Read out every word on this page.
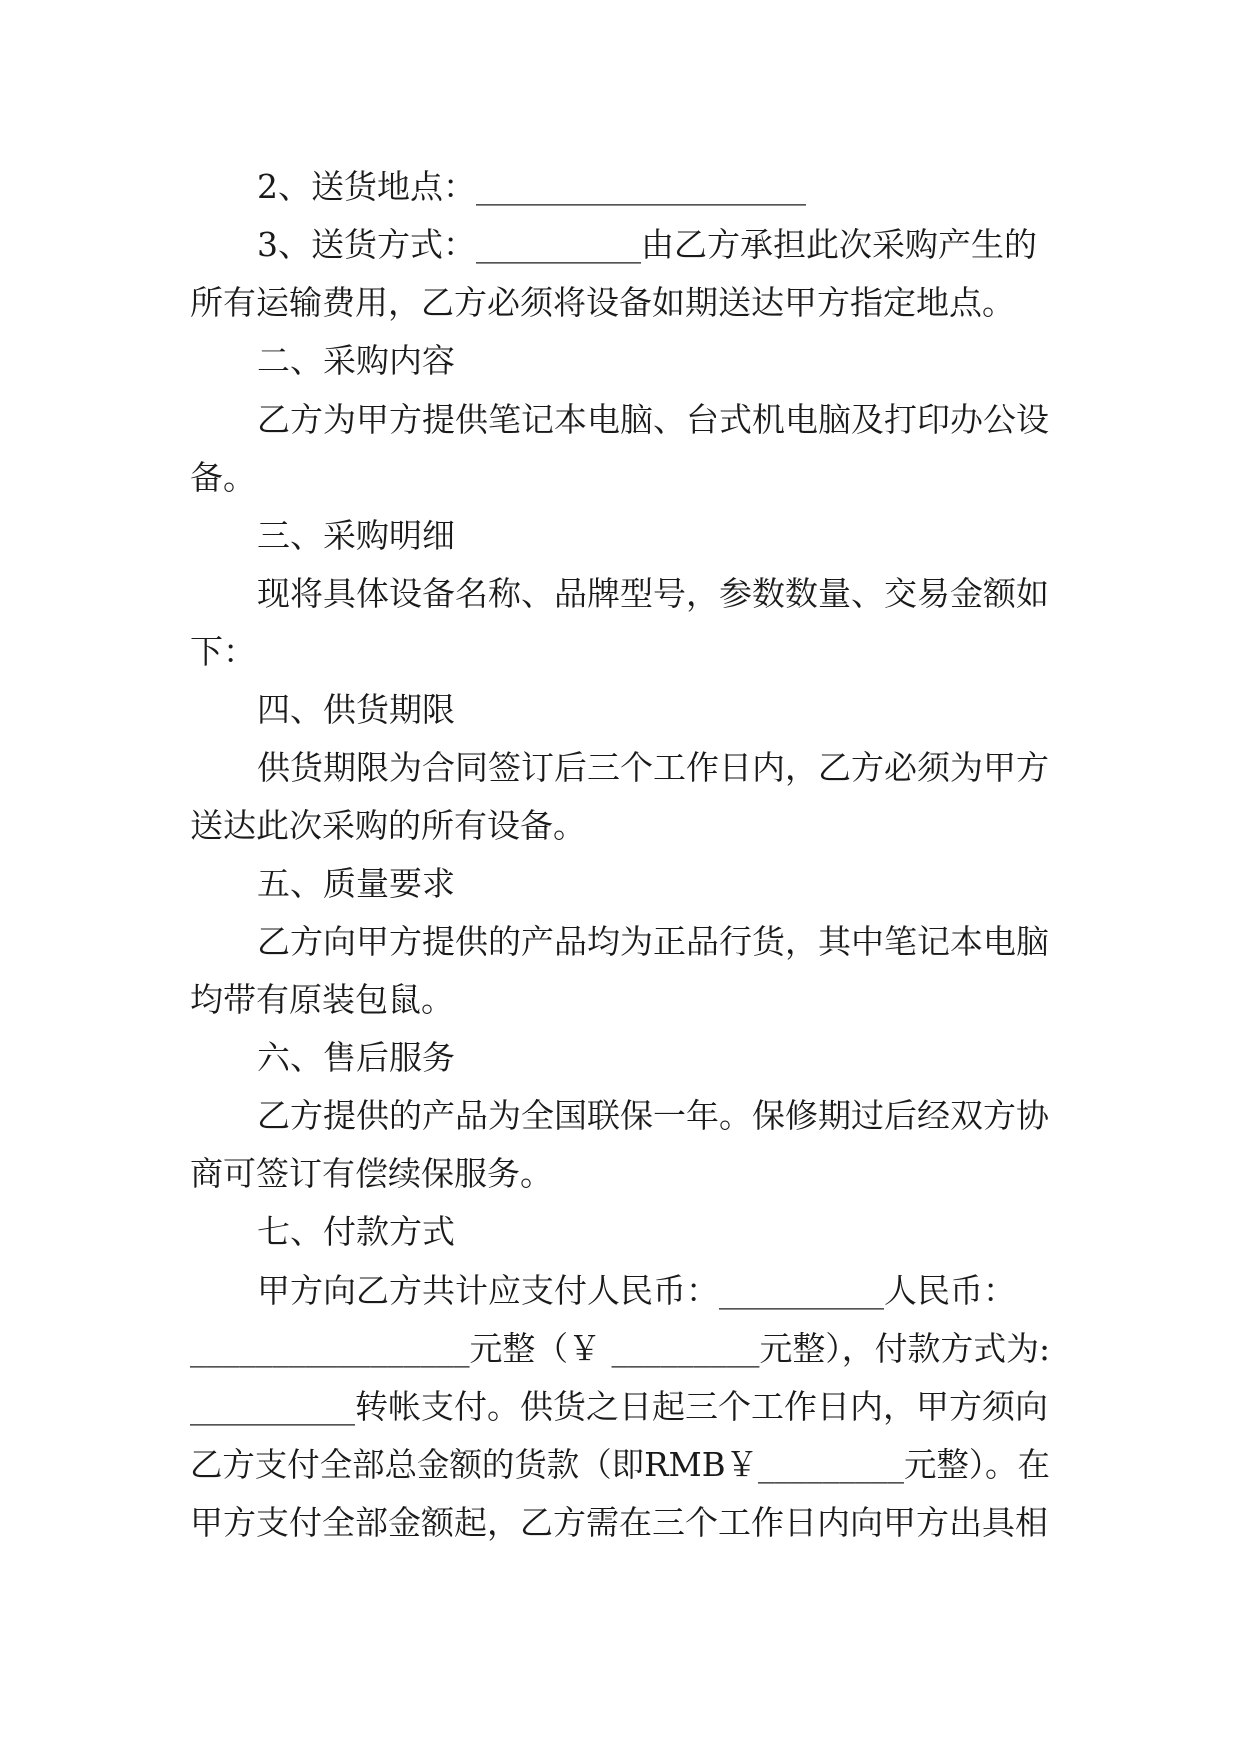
2、送货地点：____________________
3、送货方式：__________由乙方承担此次采购产生的
所有运输费用，乙方必须将设备如期送达甲方指定地点。
二、采购内容
乙方为甲方提供笔记本电脑、台式机电脑及打印办公设
备。
三、采购明细
现将具体设备名称、品牌型号，参数数量、交易金额如
下：
四、供货期限
供货期限为合同签订后三个工作日内，乙方必须为甲方
送达此次采购的所有设备。
五、质量要求
乙方向甲方提供的产品均为正品行货，其中笔记本电脑
均带有原装包鼠。
六、售后服务
乙方提供的产品为全国联保一年。保修期过后经双方协
商可签订有偿续保服务。
七、付款方式
甲方向乙方共计应支付人民币：__________人民币：
_________________元整（￥ _________元整），付款方式为:
__________转帐支付。供货之日起三个工作日内，甲方须向
乙方支付全部总金额的货款（即RMB￥_________元整）。在
甲方支付全部金额起，乙方需在三个工作日内向甲方出具相
